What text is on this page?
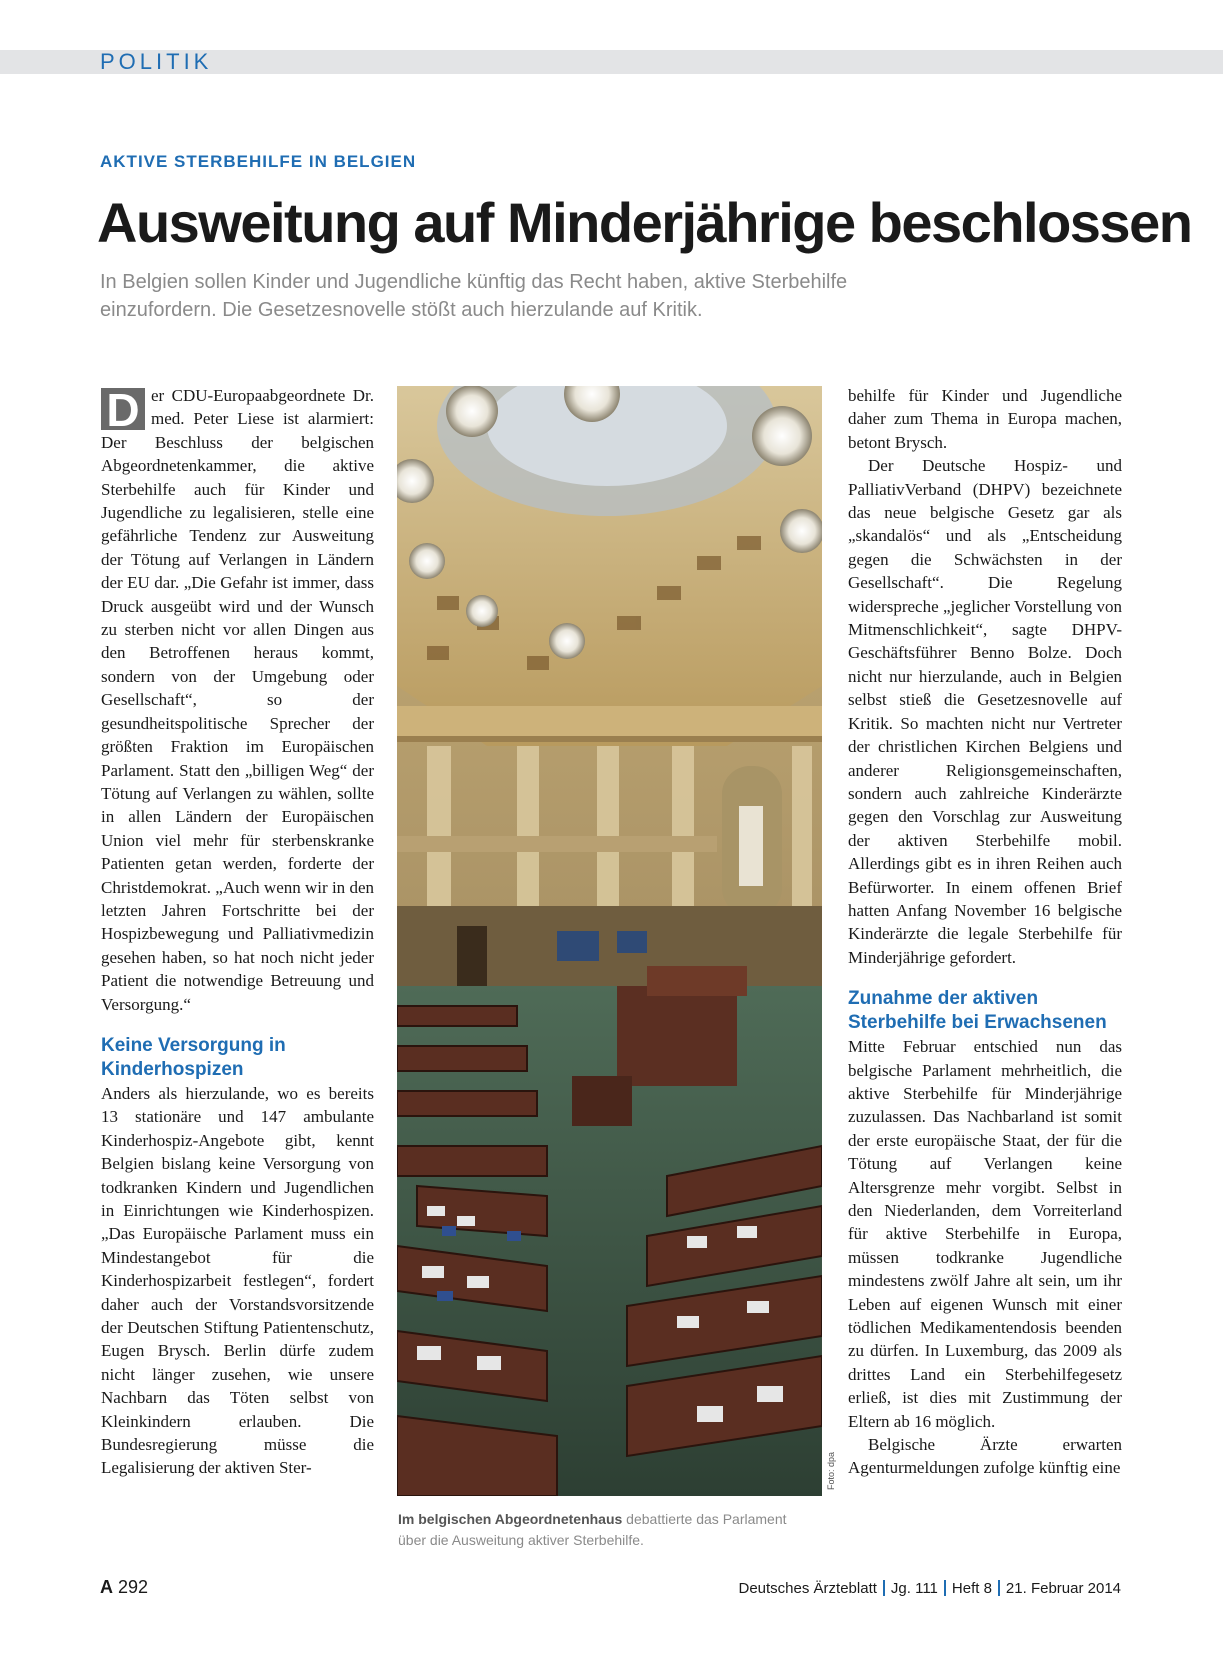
POLITIK
AKTIVE STERBEHILFE IN BELGIEN
Ausweitung auf Minderjährige beschlossen
In Belgien sollen Kinder und Jugendliche künftig das Recht haben, aktive Sterbehilfe einzufordern. Die Gesetzesnovelle stößt auch hierzulande auf Kritik.

D er CDU-Europaabgeordnete Dr. med. Peter Liese ist alarmiert: Der Beschluss der belgischen Abgeordnetenkammer, die aktive Sterbehilfe auch für Kinder und Jugendliche zu legalisieren, stelle eine gefährliche Tendenz zur Ausweitung der Tötung auf Verlangen in Ländern der EU dar. „Die Gefahr ist immer, dass Druck ausgeübt wird und der Wunsch zu sterben nicht vor allen Dingen aus den Betroffenen heraus kommt, sondern von der Umgebung oder Gesellschaft“, so der gesundheitspolitische Sprecher der größten Fraktion im Europäischen Parlament. Statt den „billigen Weg“ der Tötung auf Verlangen zu wählen, sollte in allen Ländern der Europäischen Union viel mehr für sterbenskranke Patienten getan werden, forderte der Christdemokrat. „Auch wenn wir in den letzten Jahren Fortschritte bei der Hospizbewegung und Palliativmedizin gesehen haben, so hat noch nicht jeder Patient die notwendige Betreuung und Versorgung.“

Keine Versorgung in Kinderhospizen

Anders als hierzulande, wo es bereits 13 stationäre und 147 ambulante Kinderhospiz-Angebote gibt, kennt Belgien bislang keine Versorgung von todkranken Kindern und Jugendlichen in Einrichtungen wie Kinderhospizen. „Das Europäische Parlament muss ein Mindestangebot für die Kinderhospizarbeit festlegen“, fordert daher auch der Vorstandsvorsitzende der Deutschen Stiftung Patientenschutz, Eugen Brysch. Berlin dürfe zudem nicht länger zusehen, wie unsere Nachbarn das Töten selbst von Kleinkindern erlauben. Die Bundesregierung müsse die Legalisierung der aktiven Ster-	Foto: dpa
Im belgischen Abgeordnetenhaus debattierte das Parlament über die Ausweitung aktiver Sterbehilfe.

behilfe für Kinder und Jugendliche daher zum Thema in Europa machen, betont Brysch.

Der Deutsche Hospiz- und PalliativVerband (DHPV) bezeichnete das neue belgische Gesetz gar als „skandalös“ und als „Entscheidung gegen die Schwächsten in der Gesellschaft“. Die Regelung widerspreche „jeglicher Vorstellung von Mitmenschlichkeit“, sagte DHPV-Geschäftsführer Benno Bolze. Doch nicht nur hierzulande, auch in Belgien selbst stieß die Gesetzesnovelle auf Kritik. So machten nicht nur Vertreter der christlichen Kirchen Belgiens und anderer Religionsgemeinschaften, sondern auch zahlreiche Kinderärzte gegen den Vorschlag zur Ausweitung der aktiven Sterbehilfe mobil. Allerdings gibt es in ihren Reihen auch Befürworter. In einem offenen Brief hatten Anfang November 16 belgische Kinderärzte die legale Sterbehilfe für Minderjährige gefordert.

Zunahme der aktiven Sterbehilfe bei Erwachsenen

Mitte Februar entschied nun das belgische Parlament mehrheitlich, die aktive Sterbehilfe für Minderjährige zuzulassen. Das Nachbarland ist somit der erste europäische Staat, der für die Tötung auf Verlangen keine Altersgrenze mehr vorgibt. Selbst in den Niederlanden, dem Vorreiterland für aktive Sterbehilfe in Europa, müssen todkranke Jugendliche mindestens zwölf Jahre alt sein, um ihr Leben auf eigenen Wunsch mit einer tödlichen Medikamentendosis beenden zu dürfen. In Luxemburg, das 2009 als drittes Land ein Sterbehilfegesetz erließ, ist dies mit Zustimmung der Eltern ab 16 möglich.

Belgische Ärzte erwarten Agenturmeldungen zufolge künftig eine

A 292	Deutsches Ärzteblatt Jg. 111 Heft 8 21. Februar 2014
